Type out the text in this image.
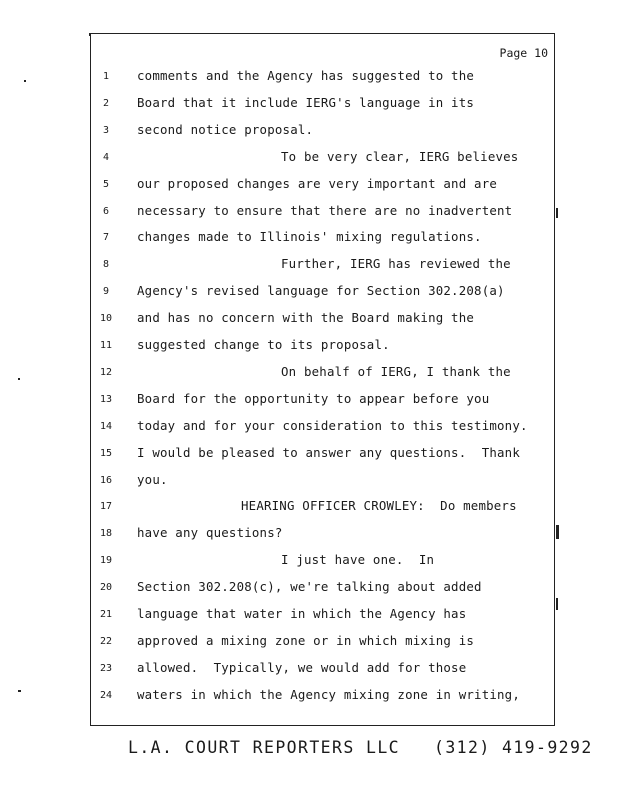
Page 10
1	comments and the Agency has suggested to the
2	Board that it include IERG's language in its
3	second notice proposal.
4	To be very clear, IERG believes
5	our proposed changes are very important and are
6	necessary to ensure that there are no inadvertent
7	changes made to Illinois' mixing regulations.
8	Further, IERG has reviewed the
9	Agency's revised language for Section 302.208(a)
10	and has no concern with the Board making the
11	suggested change to its proposal.
12	On behalf of IERG, I thank the
13	Board for the opportunity to appear before you
14	today and for your consideration to this testimony.
15	I would be pleased to answer any questions.  Thank
16	you.
17	HEARING OFFICER CROWLEY:  Do members
18	have any questions?
19	I just have one.  In
20	Section 302.208(c), we're talking about added
21	language that water in which the Agency has
22	approved a mixing zone or in which mixing is
23	allowed.  Typically, we would add for those
24	waters in which the Agency mixing zone in writing,
L.A. COURT REPORTERS LLC   (312) 419-9292
